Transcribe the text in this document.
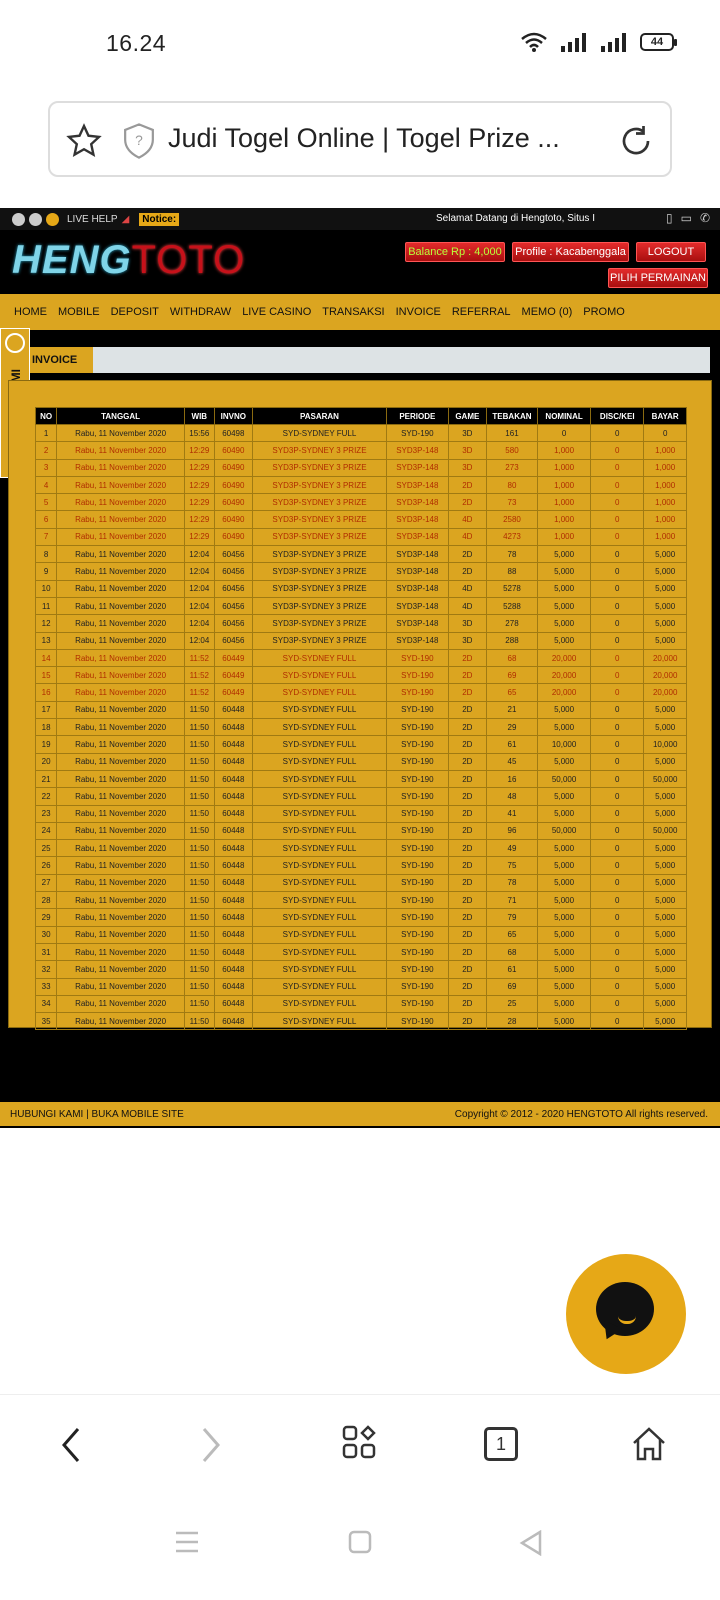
16.24	44
? Judi Togel Online | Togel Prize ...
LIVE HELP ◢	Notice:	Selamat Datang di Hengtoto, Situs I	▯ ▭ ✆
HENGTOTO	Balance Rp : 4,000 Profile : Kacabenggala	LOGOUT
PILIH PERMAINAN
HOME MOBILE DEPOSIT WITHDRAW LIVE CASINO TRANSAKSI INVOICE REFERRAL MEMO (0) PROMO
INVOICE
NO	TANGGAL	WIB	INVNO	PASARAN	PERIODE	GAME	TEBAKAN	NOMINAL	DISC/KEI	BAYAR
1	Rabu, 11 November 2020	15:56	60498	SYD-SYDNEY FULL	SYD-190	3D	161	0	0	0
2	Rabu, 11 November 2020	12:29	60490	SYD3P-SYDNEY 3 PRIZE	SYD3P-148	3D	580	1,000	0	1,000
3	Rabu, 11 November 2020	12:29	60490	SYD3P-SYDNEY 3 PRIZE	SYD3P-148	3D	273	1,000	0	1,000
4	Rabu, 11 November 2020	12:29	60490	SYD3P-SYDNEY 3 PRIZE	SYD3P-148	2D	80	1,000	0	1,000
5	Rabu, 11 November 2020	12:29	60490	SYD3P-SYDNEY 3 PRIZE	SYD3P-148	2D	73	1,000	0	1,000
6	Rabu, 11 November 2020	12:29	60490	SYD3P-SYDNEY 3 PRIZE	SYD3P-148	4D	2580	1,000	0	1,000
7	Rabu, 11 November 2020	12:29	60490	SYD3P-SYDNEY 3 PRIZE	SYD3P-148	4D	4273	1,000	0	1,000
8	Rabu, 11 November 2020	12:04	60456	SYD3P-SYDNEY 3 PRIZE	SYD3P-148	2D	78	5,000	0	5,000
9	Rabu, 11 November 2020	12:04	60456	SYD3P-SYDNEY 3 PRIZE	SYD3P-148	2D	88	5,000	0	5,000
10	Rabu, 11 November 2020	12:04	60456	SYD3P-SYDNEY 3 PRIZE	SYD3P-148	4D	5278	5,000	0	5,000
11	Rabu, 11 November 2020	12:04	60456	SYD3P-SYDNEY 3 PRIZE	SYD3P-148	4D	5288	5,000	0	5,000
12	Rabu, 11 November 2020	12:04	60456	SYD3P-SYDNEY 3 PRIZE	SYD3P-148	3D	278	5,000	0	5,000
13	Rabu, 11 November 2020	12:04	60456	SYD3P-SYDNEY 3 PRIZE	SYD3P-148	3D	288	5,000	0	5,000
14	Rabu, 11 November 2020	11:52	60449	SYD-SYDNEY FULL	SYD-190	2D	68	20,000	0	20,000
15	Rabu, 11 November 2020	11:52	60449	SYD-SYDNEY FULL	SYD-190	2D	69	20,000	0	20,000
16	Rabu, 11 November 2020	11:52	60449	SYD-SYDNEY FULL	SYD-190	2D	65	20,000	0	20,000
17	Rabu, 11 November 2020	11:50	60448	SYD-SYDNEY FULL	SYD-190	2D	21	5,000	0	5,000
18	Rabu, 11 November 2020	11:50	60448	SYD-SYDNEY FULL	SYD-190	2D	29	5,000	0	5,000
19	Rabu, 11 November 2020	11:50	60448	SYD-SYDNEY FULL	SYD-190	2D	61	10,000	0	10,000
20	Rabu, 11 November 2020	11:50	60448	SYD-SYDNEY FULL	SYD-190	2D	45	5,000	0	5,000
21	Rabu, 11 November 2020	11:50	60448	SYD-SYDNEY FULL	SYD-190	2D	16	50,000	0	50,000
22	Rabu, 11 November 2020	11:50	60448	SYD-SYDNEY FULL	SYD-190	2D	48	5,000	0	5,000
23	Rabu, 11 November 2020	11:50	60448	SYD-SYDNEY FULL	SYD-190	2D	41	5,000	0	5,000
24	Rabu, 11 November 2020	11:50	60448	SYD-SYDNEY FULL	SYD-190	2D	96	50,000	0	50,000
25	Rabu, 11 November 2020	11:50	60448	SYD-SYDNEY FULL	SYD-190	2D	49	5,000	0	5,000
26	Rabu, 11 November 2020	11:50	60448	SYD-SYDNEY FULL	SYD-190	2D	75	5,000	0	5,000
27	Rabu, 11 November 2020	11:50	60448	SYD-SYDNEY FULL	SYD-190	2D	78	5,000	0	5,000
28	Rabu, 11 November 2020	11:50	60448	SYD-SYDNEY FULL	SYD-190	2D	71	5,000	0	5,000
29	Rabu, 11 November 2020	11:50	60448	SYD-SYDNEY FULL	SYD-190	2D	79	5,000	0	5,000
30	Rabu, 11 November 2020	11:50	60448	SYD-SYDNEY FULL	SYD-190	2D	65	5,000	0	5,000
31	Rabu, 11 November 2020	11:50	60448	SYD-SYDNEY FULL	SYD-190	2D	68	5,000	0	5,000
32	Rabu, 11 November 2020	11:50	60448	SYD-SYDNEY FULL	SYD-190	2D	61	5,000	0	5,000
33	Rabu, 11 November 2020	11:50	60448	SYD-SYDNEY FULL	SYD-190	2D	69	5,000	0	5,000
34	Rabu, 11 November 2020	11:50	60448	SYD-SYDNEY FULL	SYD-190	2D	25	5,000	0	5,000
35	Rabu, 11 November 2020	11:50	60448	SYD-SYDNEY FULL	SYD-190	2D	28	5,000	0	5,000
HUBUNGI KAMI | BUKA MOBILE SITE	Copyright © 2012 - 2020 HENGTOTO All rights reserved.
1
